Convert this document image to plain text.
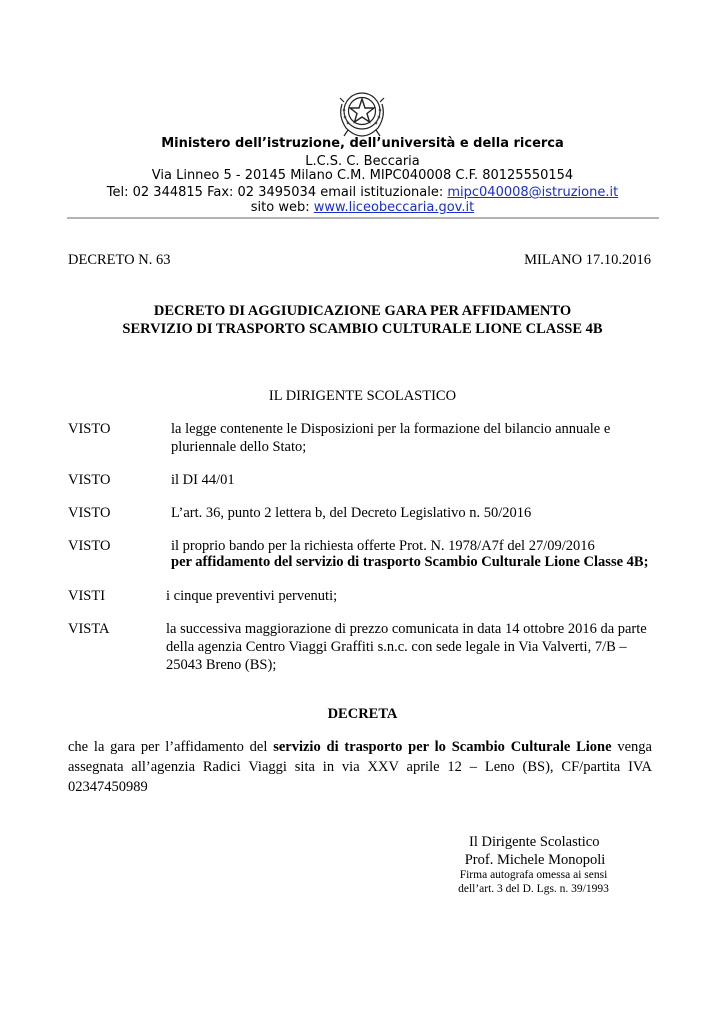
Ministero dell’istruzione, dell’università e della ricerca
L.C.S. C. Beccaria
Via Linneo 5 - 20145 Milano C.M. MIPC040008 C.F. 80125550154
Tel: 02 344815 Fax: 02 3495034 email istituzionale: mipc040008@istruzione.it
sito web: www.liceobeccaria.gov.it
DECRETO N. 63	MILANO 17.10.2016
DECRETO DI AGGIUDICAZIONE GARA PER AFFIDAMENTO
SERVIZIO DI TRASPORTO SCAMBIO CULTURALE LIONE CLASSE 4B
IL DIRIGENTE SCOLASTICO
VISTO	la legge contenente le Disposizioni per la formazione del bilancio annuale e
pluriennale dello Stato;
VISTO	il DI 44/01
VISTO	L’art. 36, punto 2 lettera b, del Decreto Legislativo n. 50/2016
VISTO	il proprio bando per la richiesta offerte Prot. N. 1978/A7f del 27/09/2016
per affidamento del servizio di trasporto Scambio Culturale Lione Classe 4B;
VISTI	i cinque preventivi pervenuti;
VISTA	la successiva maggiorazione di prezzo comunicata in data 14 ottobre 2016 da parte
della agenzia Centro Viaggi Graffiti s.n.c. con sede legale in Via Valverti, 7/B –
25043 Breno (BS);
DECRETA
che la gara per l’affidamento del servizio di trasporto per lo Scambio Culturale Lione venga assegnata all’agenzia Radici Viaggi sita in via XXV aprile 12 – Leno (BS), CF/partita IVA 02347450989
Il Dirigente Scolastico
Prof. Michele Monopoli
Firma autografa omessa ai sensi
dell’art. 3 del D. Lgs. n. 39/1993
